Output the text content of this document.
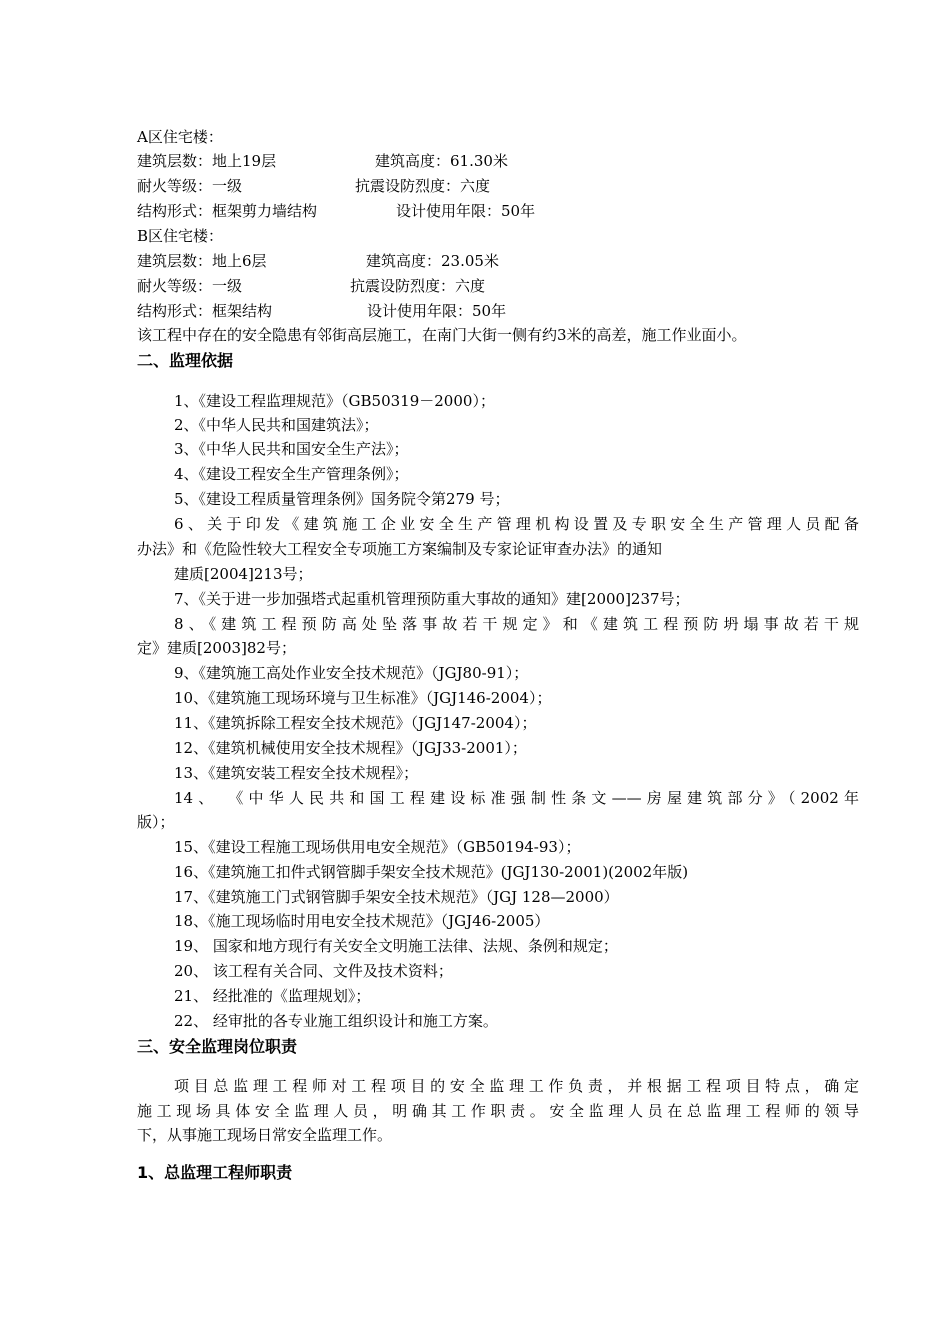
A区住宅楼：
建筑层数：地上19层	建筑高度：61.30米
耐火等级：一级	抗震设防烈度：六度
结构形式：框架剪力墙结构	设计使用年限：50年
B区住宅楼：
建筑层数：地上6层	建筑高度：23.05米
耐火等级：一级	抗震设防烈度：六度
结构形式：框架结构	设计使用年限：50年
该工程中存在的安全隐患有邻街高层施工，在南门大街一侧有约3米的高差，施工作业面小。
二、监理依据
1、《建设工程监理规范》（GB50319－2000）；
2、《中华人民共和国建筑法》；
3、《中华人民共和国安全生产法》；
4、《建设工程安全生产管理条例》；
5、《建设工程质量管理条例》国务院令第279 号；
6、关于印发《建筑施工企业安全生产管理机构设置及专职安全生产管理人员配备
办法》和《危险性较大工程安全专项施工方案编制及专家论证审查办法》的通知
建质[2004]213号；
7、《关于进一步加强塔式起重机管理预防重大事故的通知》建[2000]237号；
8、《建筑工程预防高处坠落事故若干规定》和《建筑工程预防坍塌事故若干规
定》建质[2003]82号；
9、《建筑施工高处作业安全技术规范》（JGJ80-91）；
10、《建筑施工现场环境与卫生标准》（JGJ146-2004）；
11、《建筑拆除工程安全技术规范》（JGJ147-2004）；
12、《建筑机械使用安全技术规程》（JGJ33-2001）；
13、《建筑安装工程安全技术规程》；
14、 《中华人民共和国工程建设标准强制性条文——房屋建筑部分》（2002年
版）；
15、《建设工程施工现场供用电安全规范》（GB50194-93）；
16、《建筑施工扣件式钢管脚手架安全技术规范》(JGJ130-2001)(2002年版)
17、《建筑施工门式钢管脚手架安全技术规范》（JGJ 128—2000）
18、《施工现场临时用电安全技术规范》（JGJ46-2005）
19、 国家和地方现行有关安全文明施工法律、法规、条例和规定；
20、 该工程有关合同、文件及技术资料；
21、 经批准的《监理规划》；
22、 经审批的各专业施工组织设计和施工方案。
三、安全监理岗位职责
项目总监理工程师对工程项目的安全监理工作负责，并根据工程项目特点，确定
施工现场具体安全监理人员，明确其工作职责。安全监理人员在总监理工程师的领导
下，从事施工现场日常安全监理工作。
1、总监理工程师职责
